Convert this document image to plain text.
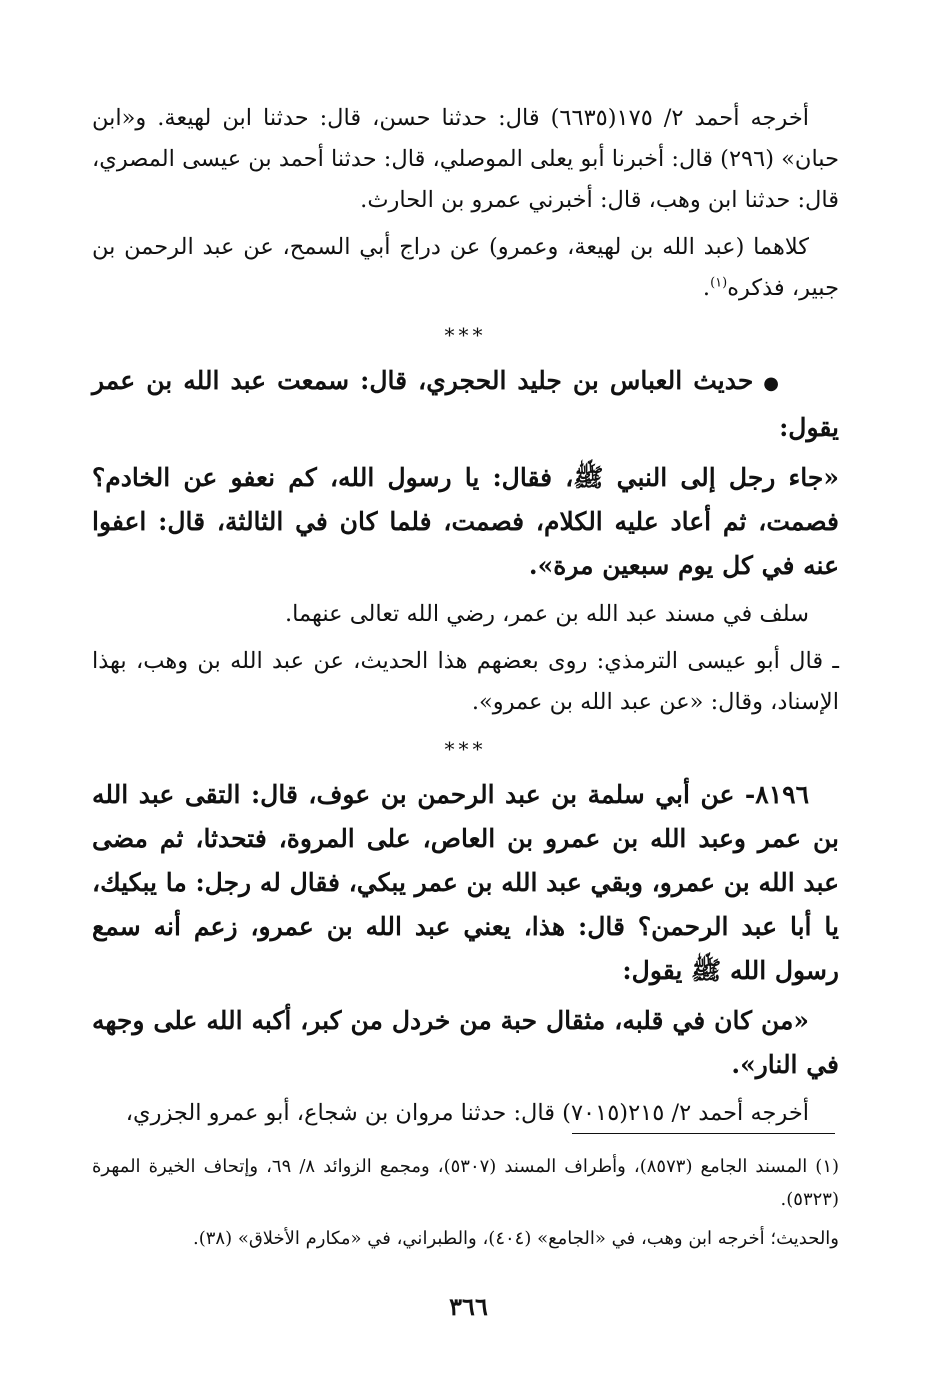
أخرجه أحمد ٢/ ١٧٥(٦٦٣٥) قال: حدثنا حسن، قال: حدثنا ابن لهيعة. و«ابن حبان» (٢٩٦) قال: أخبرنا أبو يعلى الموصلي، قال: حدثنا أحمد بن عيسى المصري، قال: حدثنا ابن وهب، قال: أخبرني عمرو بن الحارث.

كلاهما (عبد الله بن لهيعة، وعمرو) عن دراج أبي السمح، عن عبد الرحمن بن جبير، فذكره$^{(١)}$.

***

●حديث العباس بن جليد الحجري، قال: سمعت عبد الله بن عمر يقول:

«جاء رجل إلى النبي ﷺ، فقال: يا رسول الله، كم نعفو عن الخادم؟ فصمت، ثم أعاد عليه الكلام، فصمت، فلما كان في الثالثة، قال: اعفوا عنه في كل يوم سبعين مرة».

سلف في مسند عبد الله بن عمر، رضي الله تعالى عنهما.

ـ قال أبو عيسى الترمذي: روى بعضهم هذا الحديث، عن عبد الله بن وهب، بهذا الإسناد، وقال: «عن عبد الله بن عمرو».

***

٨١٩٦- عن أبي سلمة بن عبد الرحمن بن عوف، قال: التقى عبد الله بن عمر وعبد الله بن عمرو بن العاص، على المروة، فتحدثا، ثم مضى عبد الله بن عمرو، وبقي عبد الله بن عمر يبكي، فقال له رجل: ما يبكيك، يا أبا عبد الرحمن؟ قال: هذا، يعني عبد الله بن عمرو، زعم أنه سمع رسول الله ﷺ يقول:

«من كان في قلبه، مثقال حبة من خردل من كبر، أكبه الله على وجهه في النار».

أخرجه أحمد ٢/ ٢١٥(٧٠١٥) قال: حدثنا مروان بن شجاع، أبو عمرو الجزري،

(١) المسند الجامع (٨٥٧٣)، وأطراف المسند (٥٣٠٧)، ومجمع الزوائد ٨/ ٦٩، وإتحاف الخيرة المهرة (٥٣٢٣).

والحديث؛ أخرجه ابن وهب، في «الجامع» (٤٠٤)، والطبراني، في «مكارم الأخلاق» (٣٨).

٣٦٦
